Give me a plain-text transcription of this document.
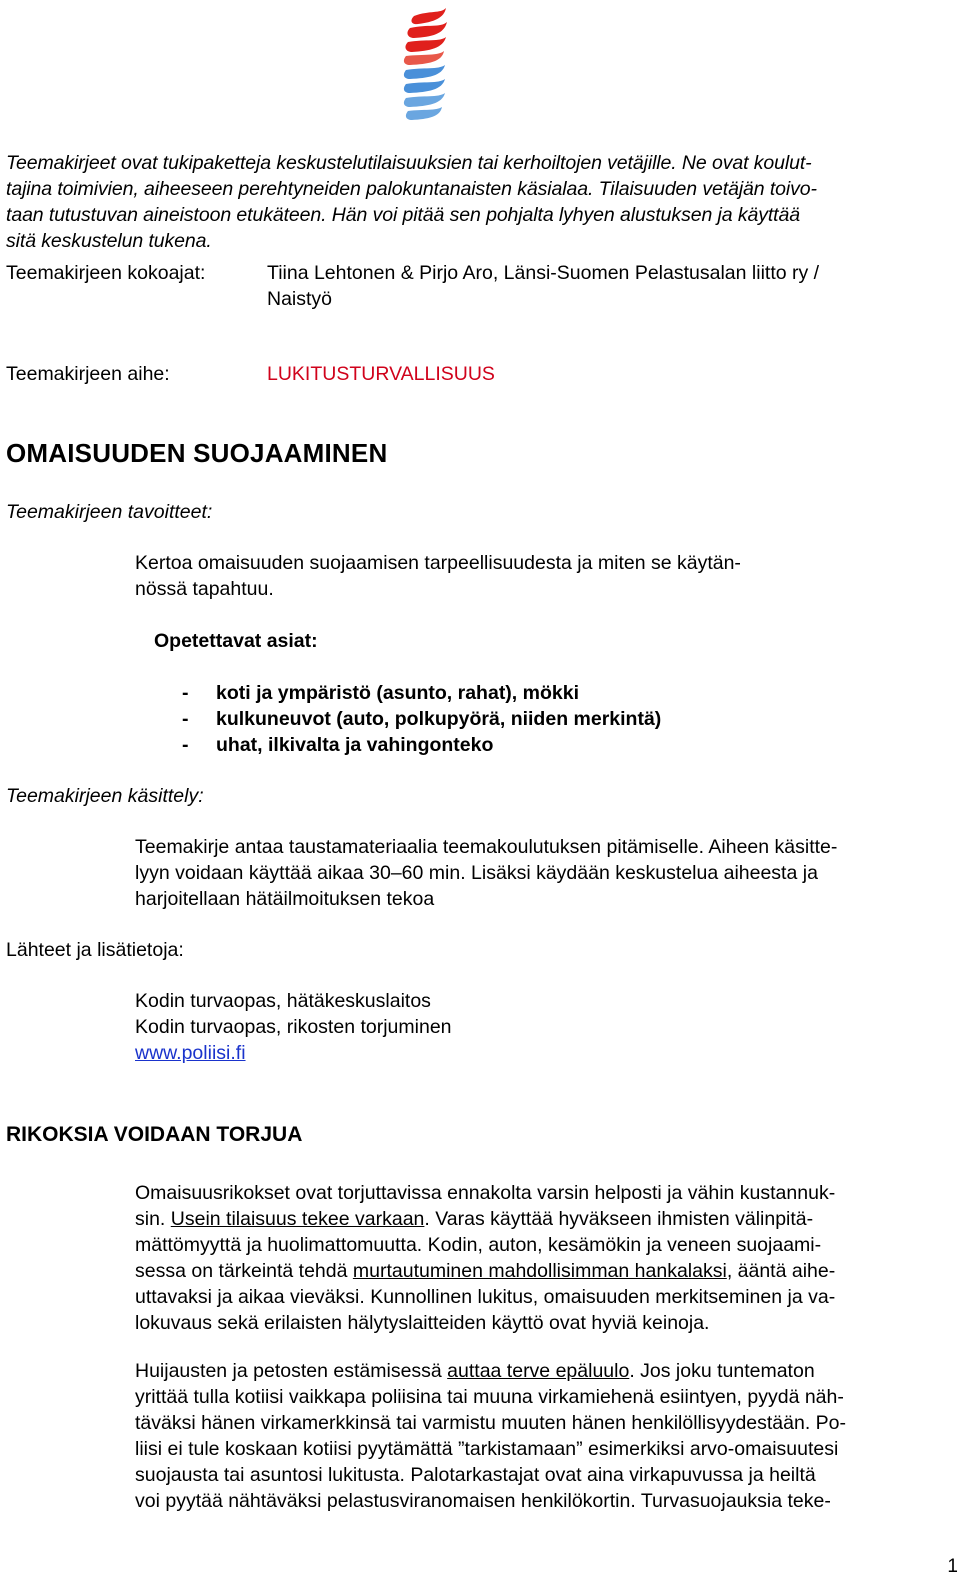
Teemakirjeet ovat tukipaketteja keskustelutilaisuuksien tai kerhoiltojen vetäjille. Ne ovat koulut-
tajina toimivien, aiheeseen perehtyneiden palokuntanaisten käsialaa. Tilaisuuden vetäjän toivo-
taan tutustuvan aineistoon etukäteen. Hän voi pitää sen pohjalta lyhyen alustuksen ja käyttää
sitä keskustelun tukena.
Teemakirjeen kokoajat:	Tiina Lehtonen & Pirjo Aro, Länsi-Suomen Pelastusalan liitto ry /
Naistyö
Teemakirjeen aihe:	LUKITUSTURVALLISUUS
OMAISUUDEN SUOJAAMINEN
Teemakirjeen tavoitteet:
Kertoa omaisuuden suojaamisen tarpeellisuudesta ja miten se käytän-
nössä tapahtuu.
Opetettavat asiat:
- koti ja ympäristö (asunto, rahat), mökki
- kulkuneuvot (auto, polkupyörä, niiden merkintä)
- uhat, ilkivalta ja vahingonteko
Teemakirjeen käsittely:
Teemakirje antaa taustamateriaalia teemakoulutuksen pitämiselle. Aiheen käsitte-
lyyn voidaan käyttää aikaa 30–60 min. Lisäksi käydään keskustelua aiheesta ja
harjoitellaan hätäilmoituksen tekoa
Lähteet ja lisätietoja:
Kodin turvaopas, hätäkeskuslaitos
Kodin turvaopas, rikosten torjuminen
www.poliisi.fi
RIKOKSIA VOIDAAN TORJUA
Omaisuusrikokset ovat torjuttavissa ennakolta varsin helposti ja vähin kustannuk-
sin. Usein tilaisuus tekee varkaan. Varas käyttää hyväkseen ihmisten välinpitä-
mättömyyttä ja huolimattomuutta. Kodin, auton, kesämökin ja veneen suojaami-
sessa on tärkeintä tehdä murtautuminen mahdollisimman hankalaksi, ääntä aihe-
uttavaksi ja aikaa vieväksi. Kunnollinen lukitus, omaisuuden merkitseminen ja va-
lokuvaus sekä erilaisten hälytyslaitteiden käyttö ovat hyviä keinoja.
Huijausten ja petosten estämisessä auttaa terve epäluulo. Jos joku tuntematon
yrittää tulla kotiisi vaikkapa poliisina tai muuna virkamiehenä esiintyen, pyydä näh-
täväksi hänen virkamerkkinsä tai varmistu muuten hänen henkilöllisyydestään. Po-
liisi ei tule koskaan kotiisi pyytämättä ”tarkistamaan” esimerkiksi arvo-omaisuutesi
suojausta tai asuntosi lukitusta. Palotarkastajat ovat aina virkapuvussa ja heiltä
voi pyytää nähtäväksi pelastusviranomaisen henkilökortin. Turvasuojauksia teke-
1
